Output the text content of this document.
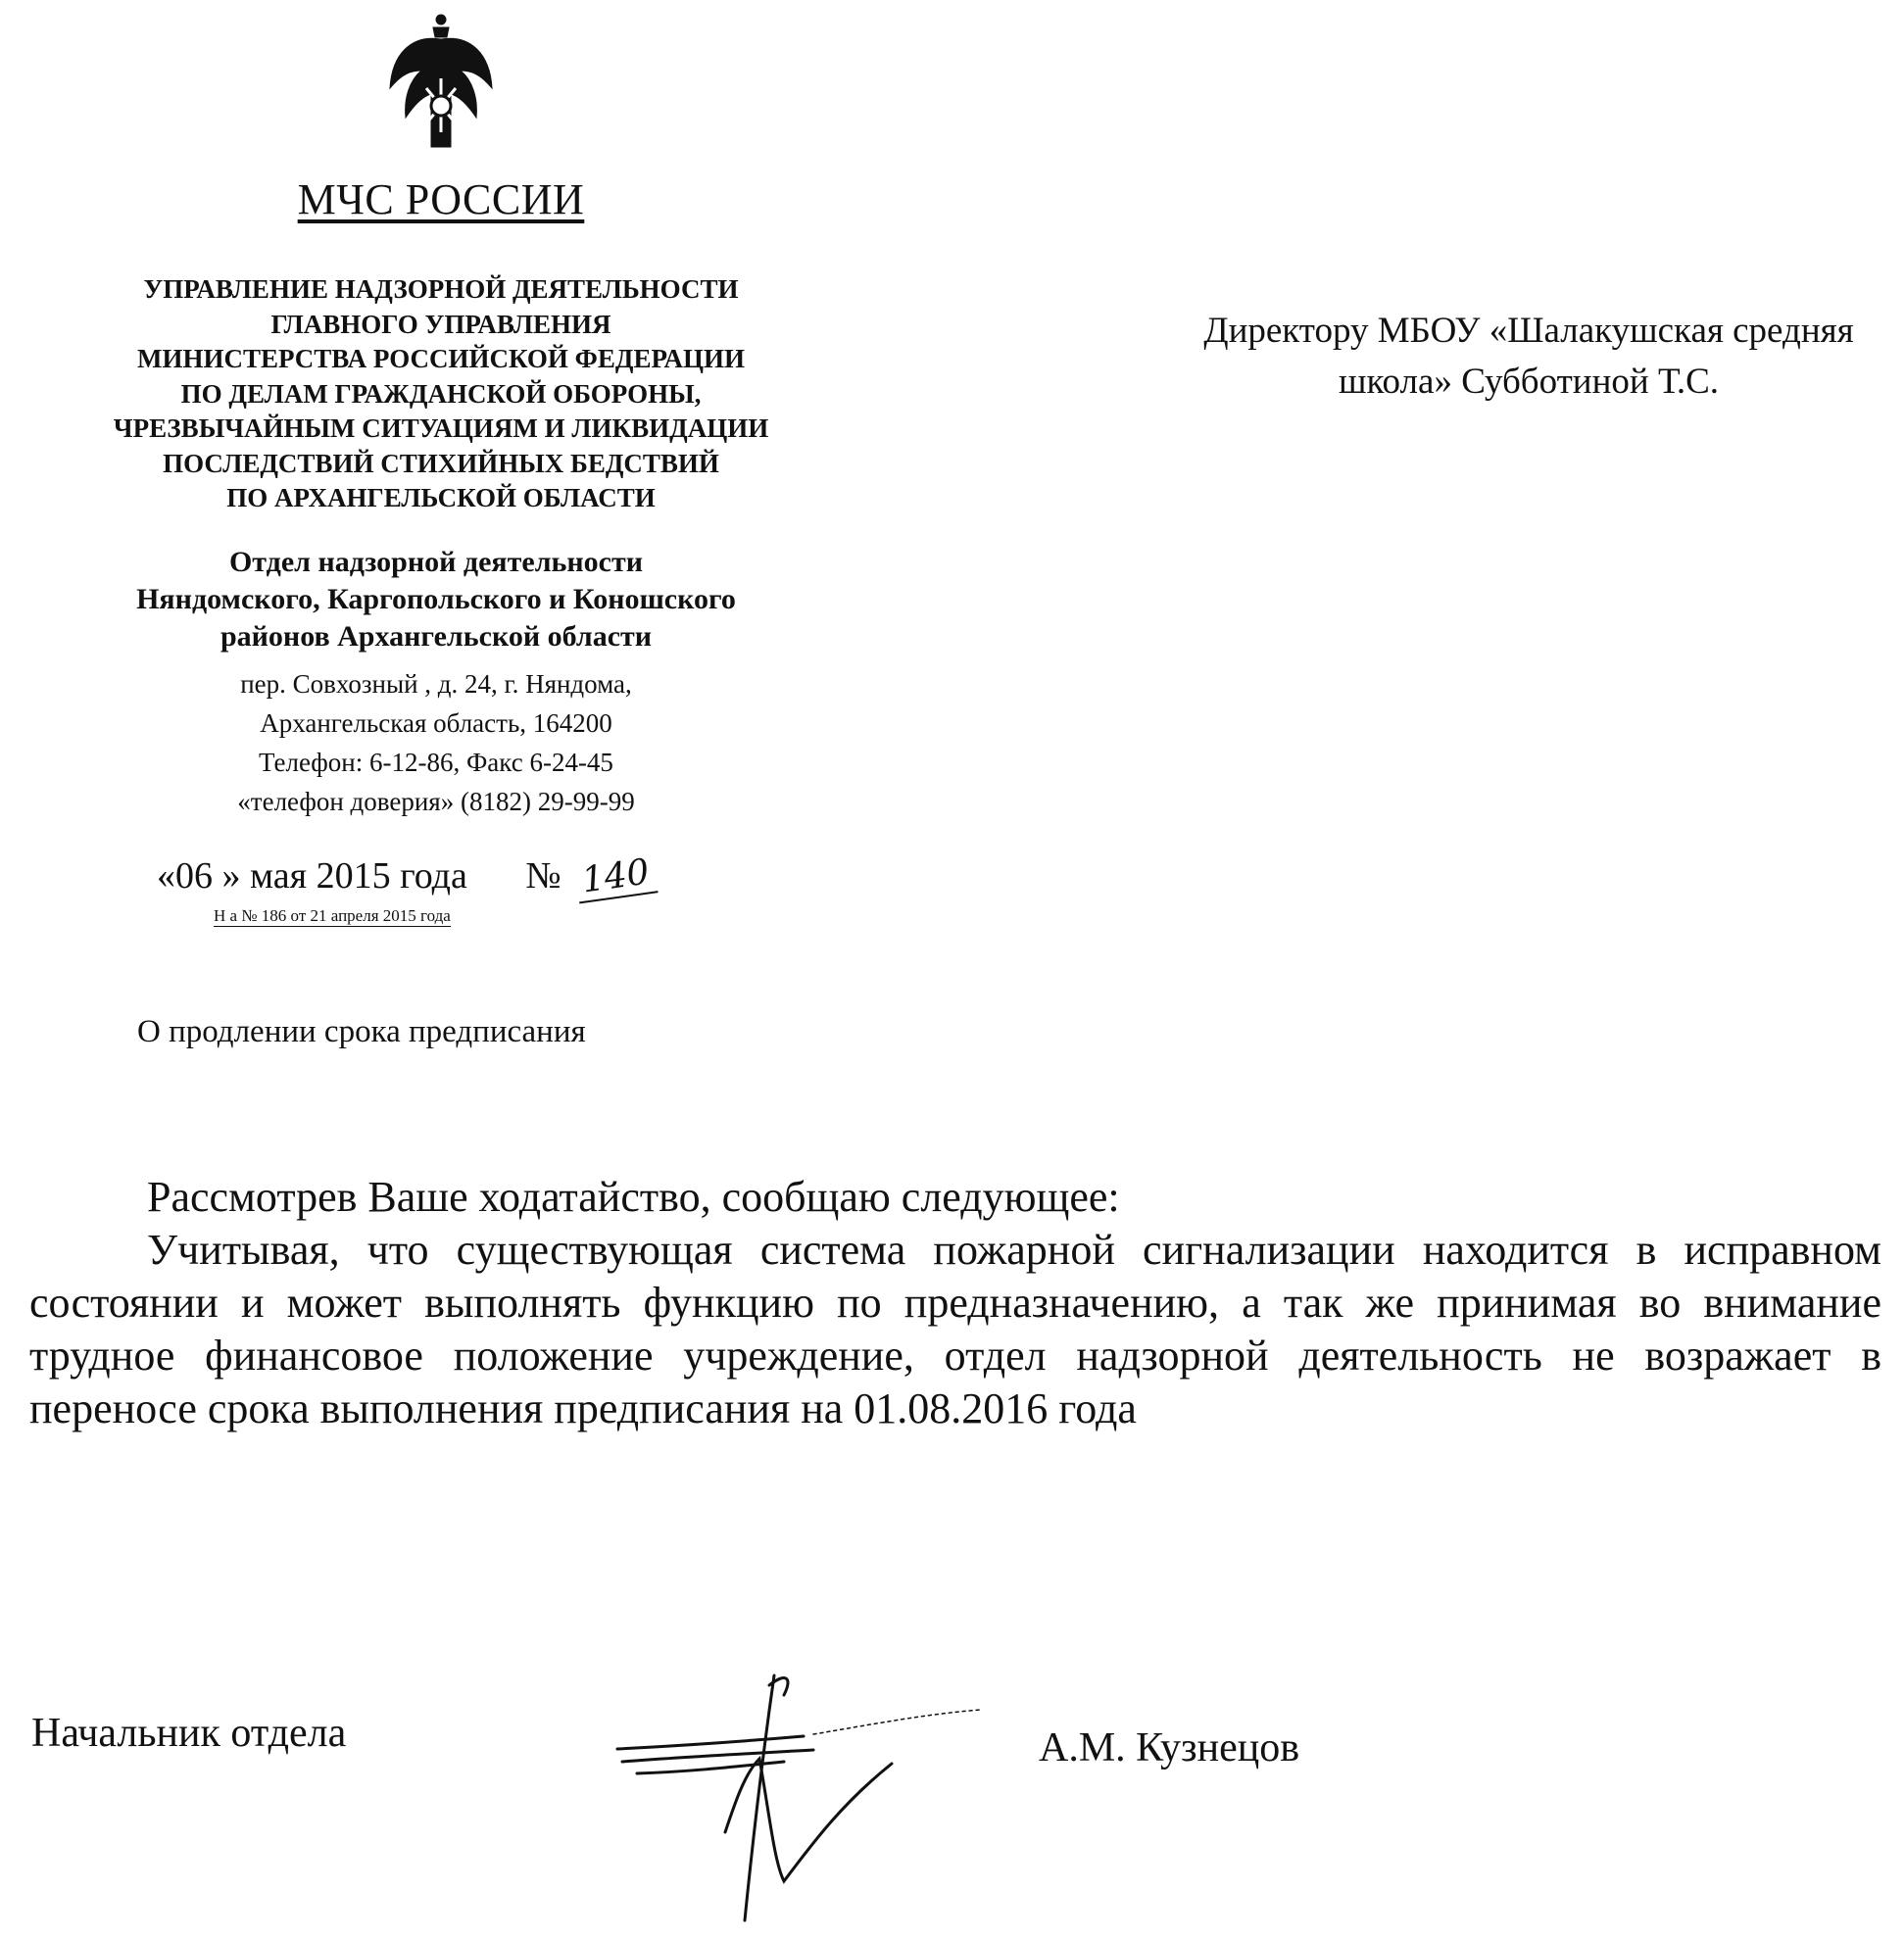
МЧС РОССИИ
УПРАВЛЕНИЕ НАДЗОРНОЙ ДЕЯТЕЛЬНОСТИ
ГЛАВНОГО УПРАВЛЕНИЯ
МИНИСТЕРСТВА РОССИЙСКОЙ ФЕДЕРАЦИИ
ПО ДЕЛАМ ГРАЖДАНСКОЙ ОБОРОНЫ,
ЧРЕЗВЫЧАЙНЫМ СИТУАЦИЯМ И ЛИКВИДАЦИИ
ПОСЛЕДСТВИЙ СТИХИЙНЫХ БЕДСТВИЙ
ПО АРХАНГЕЛЬСКОЙ ОБЛАСТИ
Отдел надзорной деятельности
Няндомского, Каргопольского и Коношского
районов Архангельской области
пер. Совхозный , д. 24, г. Няндома,
Архангельская область, 164200
Телефон: 6-12-86, Факс 6-24-45
«телефон доверия» (8182) 29-99-99
«06 » мая 2015 года № 140
Н а № 186 от 21 апреля 2015 года
О продлении срока предписания
Директору МБОУ «Шалакушская средняя школа» Субботиной Т.С.

Рассмотрев Ваше ходатайство, сообщаю следующее:

Учитывая, что существующая система пожарной сигнализации находится в исправном состоянии и может выполнять функцию по предназначению, а так же принимая во внимание трудное финансовое положение учреждение, отдел надзорной деятельность не возражает в переносе срока выполнения предписания на 01.08.2016 года

Начальник отдела	А.М. Кузнецов
